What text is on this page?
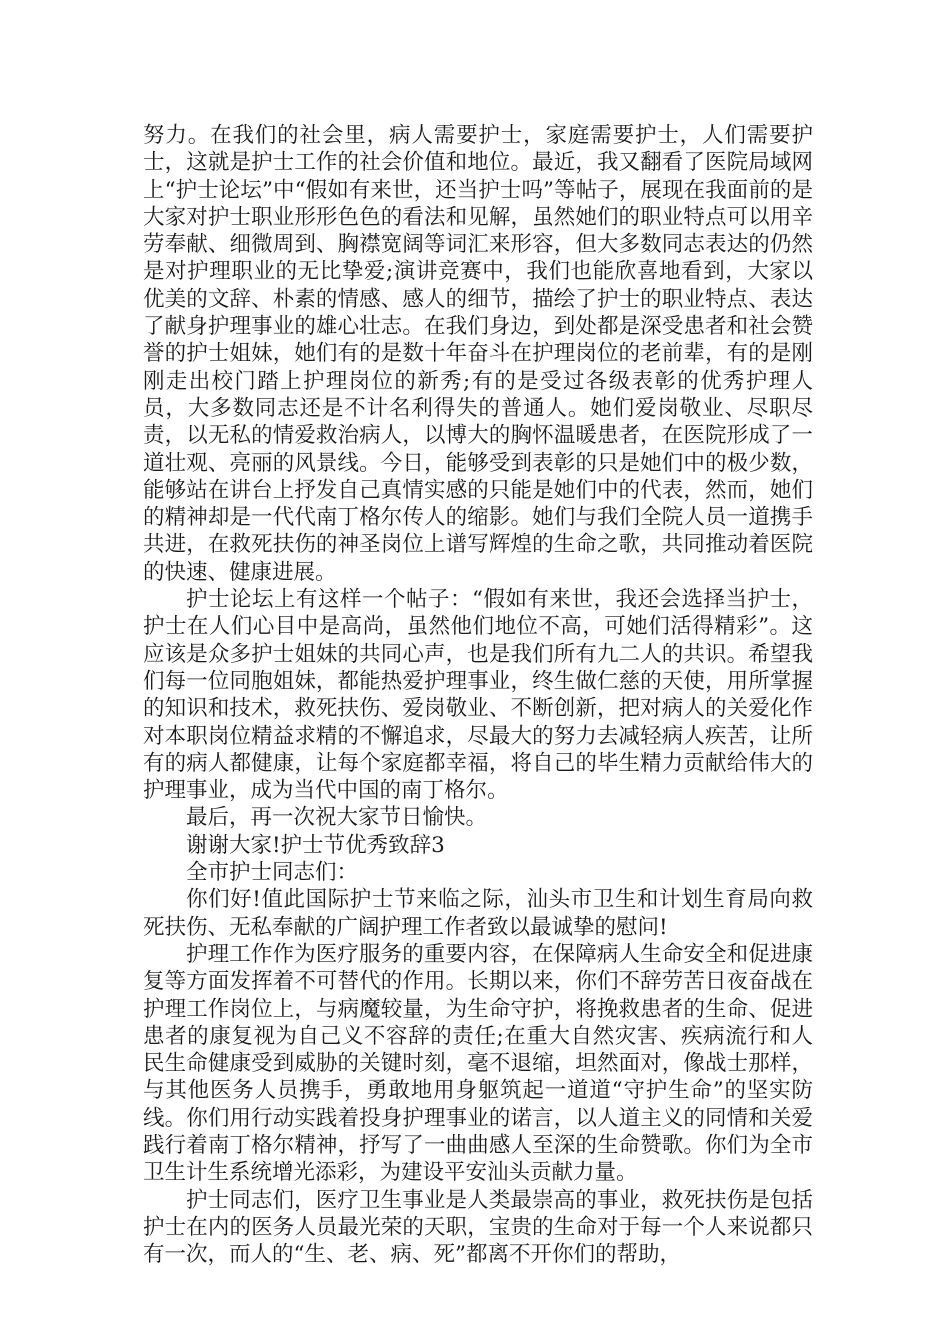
努力。在我们的社会里，病人需要护士，家庭需要护士，人们需要护士，这就是护士工作的社会价值和地位。最近，我又翻看了医院局域网上“护士论坛”中“假如有来世，还当护士吗”等帖子，展现在我面前的是大家对护士职业形形色色的看法和见解，虽然她们的职业特点可以用辛劳奉献、细微周到、胸襟宽阔等词汇来形容，但大多数同志表达的仍然是对护理职业的无比挚爱;演讲竞赛中，我们也能欣喜地看到，大家以优美的文辞、朴素的情感、感人的细节，描绘了护士的职业特点、表达了献身护理事业的雄心壮志。在我们身边，到处都是深受患者和社会赞誉的护士姐妹，她们有的是数十年奋斗在护理岗位的老前辈，有的是刚刚走出校门踏上护理岗位的新秀;有的是受过各级表彰的优秀护理人员，大多数同志还是不计名利得失的普通人。她们爱岗敬业、尽职尽责，以无私的情爱救治病人，以博大的胸怀温暖患者，在医院形成了一道壮观、亮丽的风景线。今日，能够受到表彰的只是她们中的极少数，能够站在讲台上抒发自己真情实感的只能是她们中的代表，然而，她们的精神却是一代代南丁格尔传人的缩影。她们与我们全院人员一道携手共进，在救死扶伤的神圣岗位上谱写辉煌的生命之歌，共同推动着医院的快速、健康进展。

护士论坛上有这样一个帖子：“假如有来世，我还会选择当护士，护士在人们心目中是高尚，虽然他们地位不高，可她们活得精彩”。这应该是众多护士姐妹的共同心声，也是我们所有九二人的共识。希望我们每一位同胞姐妹，都能热爱护理事业，终生做仁慈的天使，用所掌握的知识和技术，救死扶伤、爱岗敬业、不断创新，把对病人的关爱化作对本职岗位精益求精的不懈追求，尽最大的努力去减轻病人疾苦，让所有的病人都健康，让每个家庭都幸福，将自己的毕生精力贡献给伟大的护理事业，成为当代中国的南丁格尔。

最后，再一次祝大家节日愉快。

谢谢大家!护士节优秀致辞3

全市护士同志们：

你们好!值此国际护士节来临之际，汕头市卫生和计划生育局向救死扶伤、无私奉献的广阔护理工作者致以最诚挚的慰问!

护理工作作为医疗服务的重要内容，在保障病人生命安全和促进康复等方面发挥着不可替代的作用。长期以来，你们不辞劳苦日夜奋战在护理工作岗位上，与病魔较量，为生命守护，将挽救患者的生命、促进患者的康复视为自己义不容辞的责任;在重大自然灾害、疾病流行和人民生命健康受到威胁的关键时刻，毫不退缩，坦然面对，像战士那样，与其他医务人员携手，勇敢地用身躯筑起一道道“守护生命”的坚实防线。你们用行动实践着投身护理事业的诺言，以人道主义的同情和关爱践行着南丁格尔精神，抒写了一曲曲感人至深的生命赞歌。你们为全市卫生计生系统增光添彩，为建设平安汕头贡献力量。

护士同志们，医疗卫生事业是人类最崇高的事业，救死扶伤是包括护士在内的医务人员最光荣的天职，宝贵的生命对于每一个人来说都只有一次，而人的“生、老、病、死”都离不开你们的帮助，
